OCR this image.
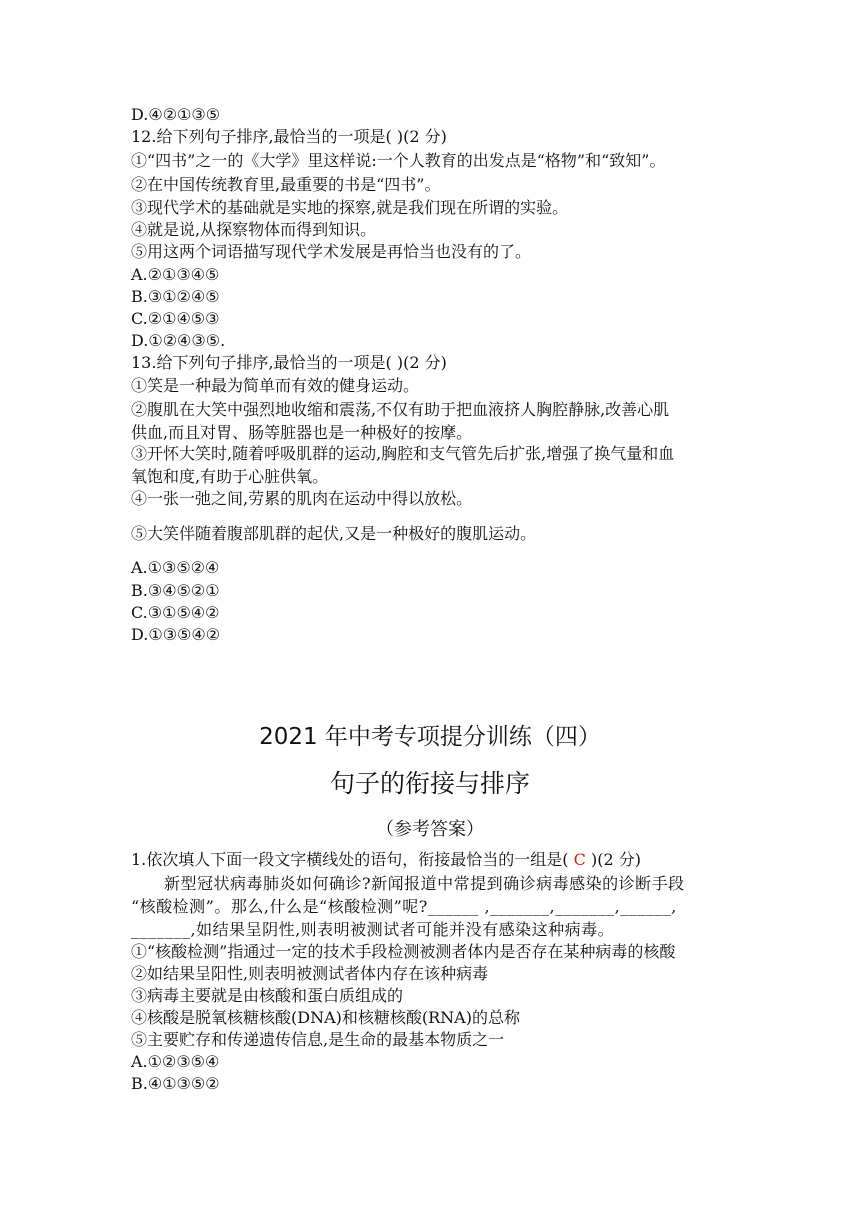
D.④②①③⑤
12.给下列句子排序,最恰当的一项是( )(2 分)
①“四书”之一的《大学》里这样说:一个人教育的出发点是“格物”和“致知”。
②在中国传统教育里,最重要的书是“四书”。
③现代学术的基础就是实地的探察,就是我们现在所谓的实验。
④就是说,从探察物体而得到知识。
⑤用这两个词语描写现代学术发展是再恰当也没有的了。
A.②①③④⑤
B.③①②④⑤
C.②①④⑤③
D.①②④③⑤.
13.给下列句子排序,最恰当的一项是( )(2 分)
①笑是一种最为简单而有效的健身运动。
②腹肌在大笑中强烈地收缩和震荡,不仅有助于把血液挤人胸腔静脉,改善心肌
供血,而且对胃、肠等脏器也是一种极好的按摩。
③开怀大笑时,随着呼吸肌群的运动,胸腔和支气管先后扩张,增强了换气量和血
氧饱和度,有助于心脏供氧。
④一张一弛之间,劳累的肌肉在运动中得以放松。
⑤大笑伴随着腹部肌群的起伏,又是一种极好的腹肌运动。
A.①③⑤②④
B.③④⑤②①
C.③①⑤④②
D.①③⑤④②
2021 年中考专项提分训练（四）
句子的衔接与排序
（参考答案）
1.依次填人下面一段文字横线处的语句，衔接最恰当的一组是( C )(2 分)
新型冠状病毒肺炎如何确诊?新闻报道中常提到确诊病毒感染的诊断手段
“核酸检测”。那么,什么是“核酸检测”呢?______ ,_______,_______,______,
_______,如结果呈阴性,则表明被测试者可能并没有感染这种病毒。
①“核酸检测”指通过一定的技术手段检测被测者体内是否存在某种病毒的核酸
②如结果呈阳性,则表明被测试者体内存在该种病毒
③病毒主要就是由核酸和蛋白质组成的
④核酸是脱氧核糖核酸(DNA)和核糖核酸(RNA)的总称
⑤主要贮存和传递遗传信息,是生命的最基本物质之一
A.①②③⑤④
B.④①③⑤②
